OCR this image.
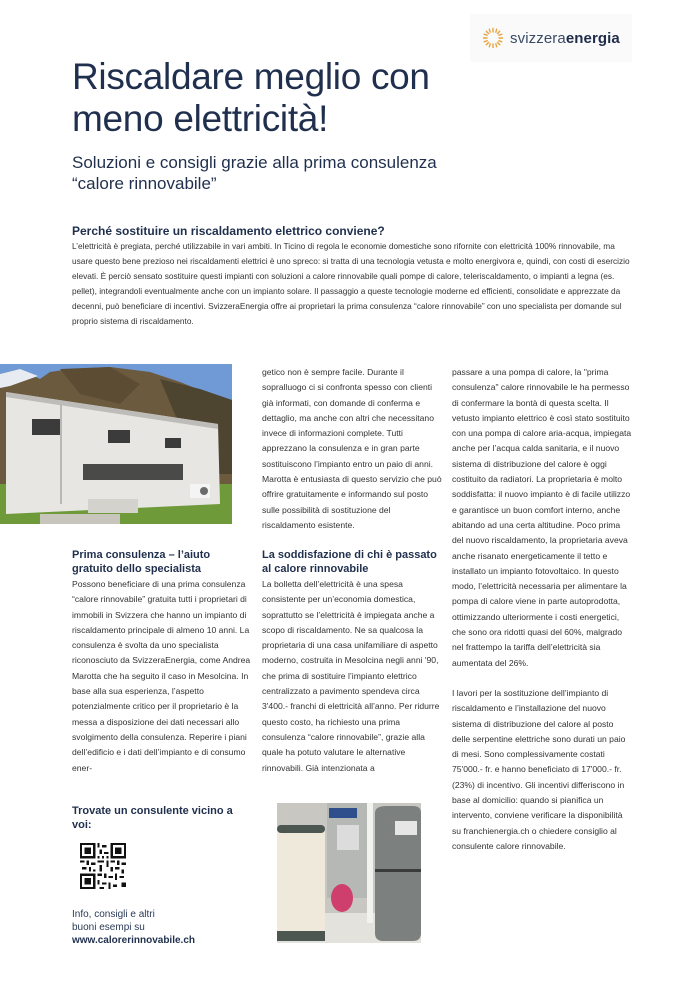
svizzeraenergia
Riscaldare meglio con
meno elettricità!
Soluzioni e consigli grazie alla prima consulenza
“calore rinnovabile”
Perché sostituire un riscaldamento elettrico conviene?

L’elettricità è pregiata, perché utilizzabile in vari ambiti. In Ticino di regola le economie domestiche sono rifornite con elettricità 100% rinnovabile, ma usare questo bene prezioso nei riscaldamenti elettrici è uno spreco: si tratta di una tecnologia vetusta e molto energivora e, quindi, con costi di esercizio elevati. È perciò sensato sostituire questi impianti con soluzioni a calore rinnovabile quali pompe di calore, teleriscaldamento, o impianti a legna (es. pellet), integrandoli eventualmente anche con un impianto solare. Il passaggio a queste tecnologie moderne ed efficienti, consolidate e apprezzate da decenni, può beneficiare di incentivi. SvizzeraEnergia offre ai proprietari la prima consulenza “calore rinnovabile” con uno specialista per domande sul proprio sistema di riscaldamento.

Prima consulenza – l’aiuto gratuito dello specialista

Possono beneficiare di una prima consulenza “calore rinnovabile” gratuita tutti i proprietari di immobili in Svizzera che hanno un impianto di riscaldamento principale di almeno 10 anni. La consulenza è svolta da uno specialista riconosciuto da SvizzeraEnergia, come Andrea Marotta che ha seguito il caso in Mesolcina. In base alla sua esperienza, l’aspetto potenzialmente critico per il proprietario è la messa a disposizione dei dati necessari allo svolgimento della consulenza. Reperire i piani dell’edificio e i dati dell’impianto e di consumo ener-

getico non è sempre facile. Durante il sopralluogo ci si confronta spesso con clienti già informati, con domande di conferma e dettaglio, ma anche con altri che necessitano invece di informazioni complete. Tutti apprezzano la consulenza e in gran parte sostituiscono l’impianto entro un paio di anni. Marotta è entusiasta di questo servizio che può offrire gratuitamente e informando sul posto sulle possibilità di sostituzione del riscaldamento esistente.

La soddisfazione di chi è passato al calore rinnovabile

La bolletta dell’elettricità è una spesa consistente per un’economia domestica, soprattutto se l’elettricità è impiegata anche a scopo di riscaldamento. Ne sa qualcosa la proprietaria di una casa unifamiliare di aspetto moderno, costruita in Mesolcina negli anni '90, che prima di sostituire l’impianto elettrico centralizzato a pavimento spendeva circa 3'400.- franchi di elettricità all’anno. Per ridurre questo costo, ha richiesto una prima consulenza “calore rinnovabile”, grazie alla quale ha potuto valutare le alternative rinnovabili. Già intenzionata a

passare a una pompa di calore, la "prima consulenza" calore rinnovabile le ha permesso di confermare la bontà di questa scelta. Il vetusto impianto elettrico è così stato sostituito con una pompa di calore aria-acqua, impiegata anche per l’acqua calda sanitaria, e il nuovo sistema di distribuzione del calore è oggi costituito da radiatori. La proprietaria è molto soddisfatta: il nuovo impianto è di facile utilizzo e garantisce un buon comfort interno, anche abitando ad una certa altitudine. Poco prima del nuovo riscaldamento, la proprietaria aveva anche risanato energeticamente il tetto e installato un impianto fotovoltaico. In questo modo, l’elettricità necessaria per alimentare la pompa di calore viene in parte autoprodotta, ottimizzando ulteriormente i costi energetici, che sono ora ridotti quasi del 60%, malgrado nel frattempo la tariffa dell’elettricità sia aumentata del 26%.

I lavori per la sostituzione dell’impianto di riscaldamento e l’installazione del nuovo sistema di distribuzione del calore al posto delle serpentine elettriche sono durati un paio di mesi. Sono complessivamente costati 75'000.- fr. e hanno beneficiato di 17'000.- fr. (23%) di incentivo. Gli incentivi differiscono in base al domicilio: quando si pianifica un intervento, conviene verificare la disponibilità su franchienergia.ch o chiedere consiglio al consulente calore rinnovabile.

Trovate un consulente vicino a voi:

Info, consigli e altri
buoni esempi su
www.calorerinnovabile.ch
